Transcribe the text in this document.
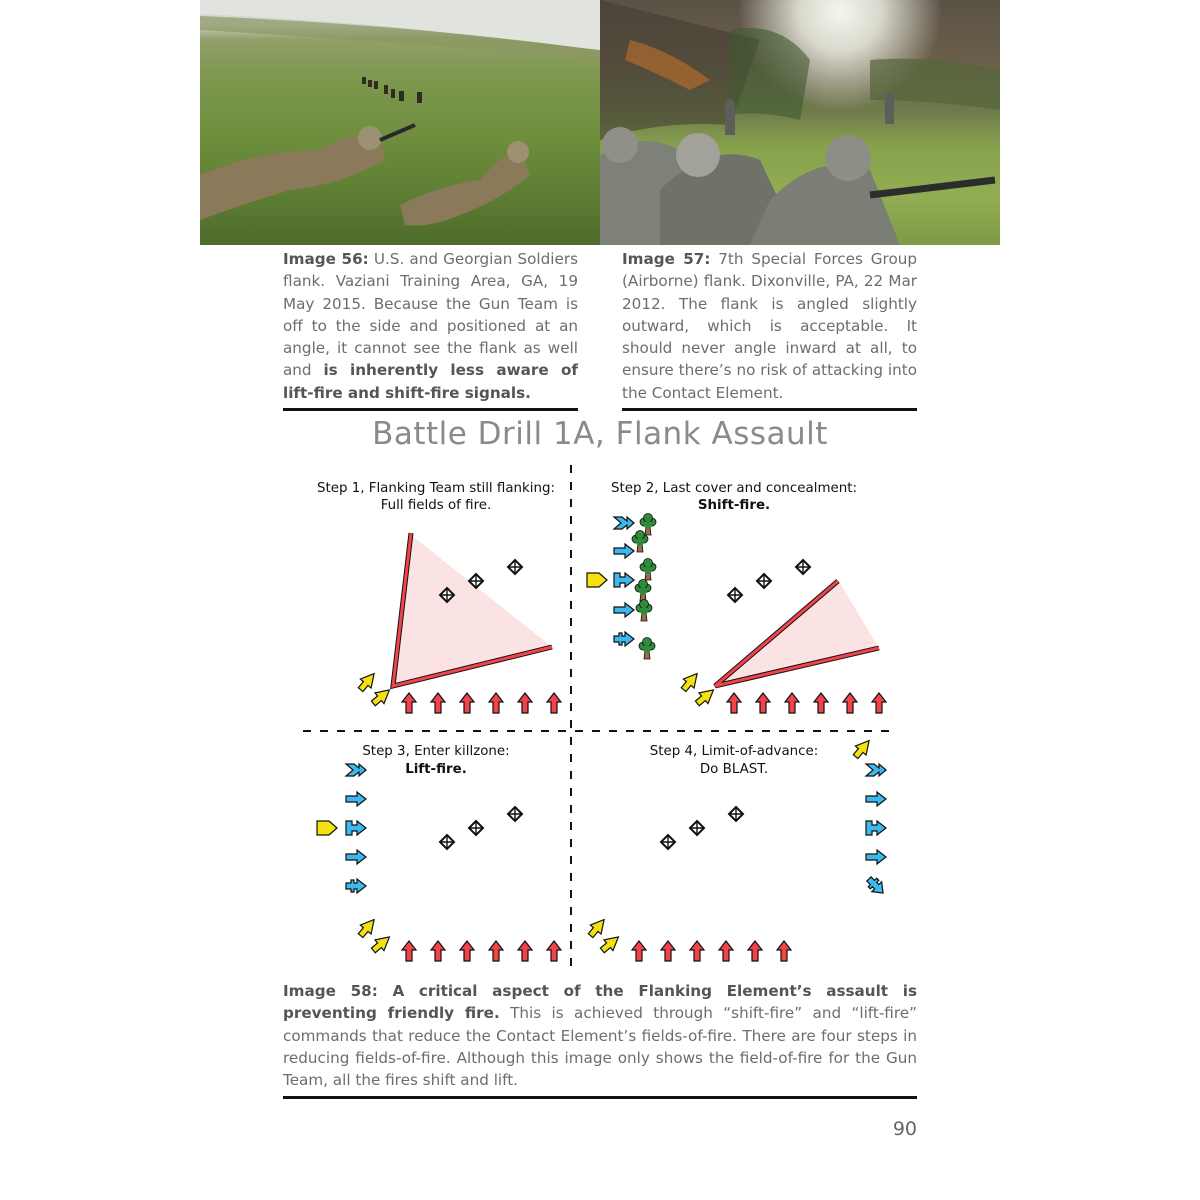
Image 56: U.S. and Georgian Soldiers flank. Vaziani Training Area, GA, 19 May 2015. Because the Gun Team is off to the side and positioned at an angle, it cannot see the flank as well and is inherently less aware of lift-fire and shift-fire signals.
Image 57: 7th Special Forces Group (Airborne) flank. Dixonville, PA, 22 Mar 2012. The flank is angled slightly outward, which is acceptable. It should never angle inward at all, to ensure there’s no risk of attacking into the Contact Element.
Battle Drill 1A, Flank Assault
Step 1, Flanking Team still flanking:
Full fields of fire.
Step 2, Last cover and concealment:
Shift-fire.
Step 3, Enter killzone:
Lift-fire.
Step 4, Limit-of-advance:
Do BLAST.
Image 58: A critical aspect of the Flanking Element’s assault is preventing friendly fire. This is achieved through “shift-fire” and “lift-fire” commands that reduce the Contact Element’s fields-of-fire. There are four steps in reducing fields-of-fire. Although this image only shows the field-of-fire for the Gun Team, all the fires shift and lift.
90
